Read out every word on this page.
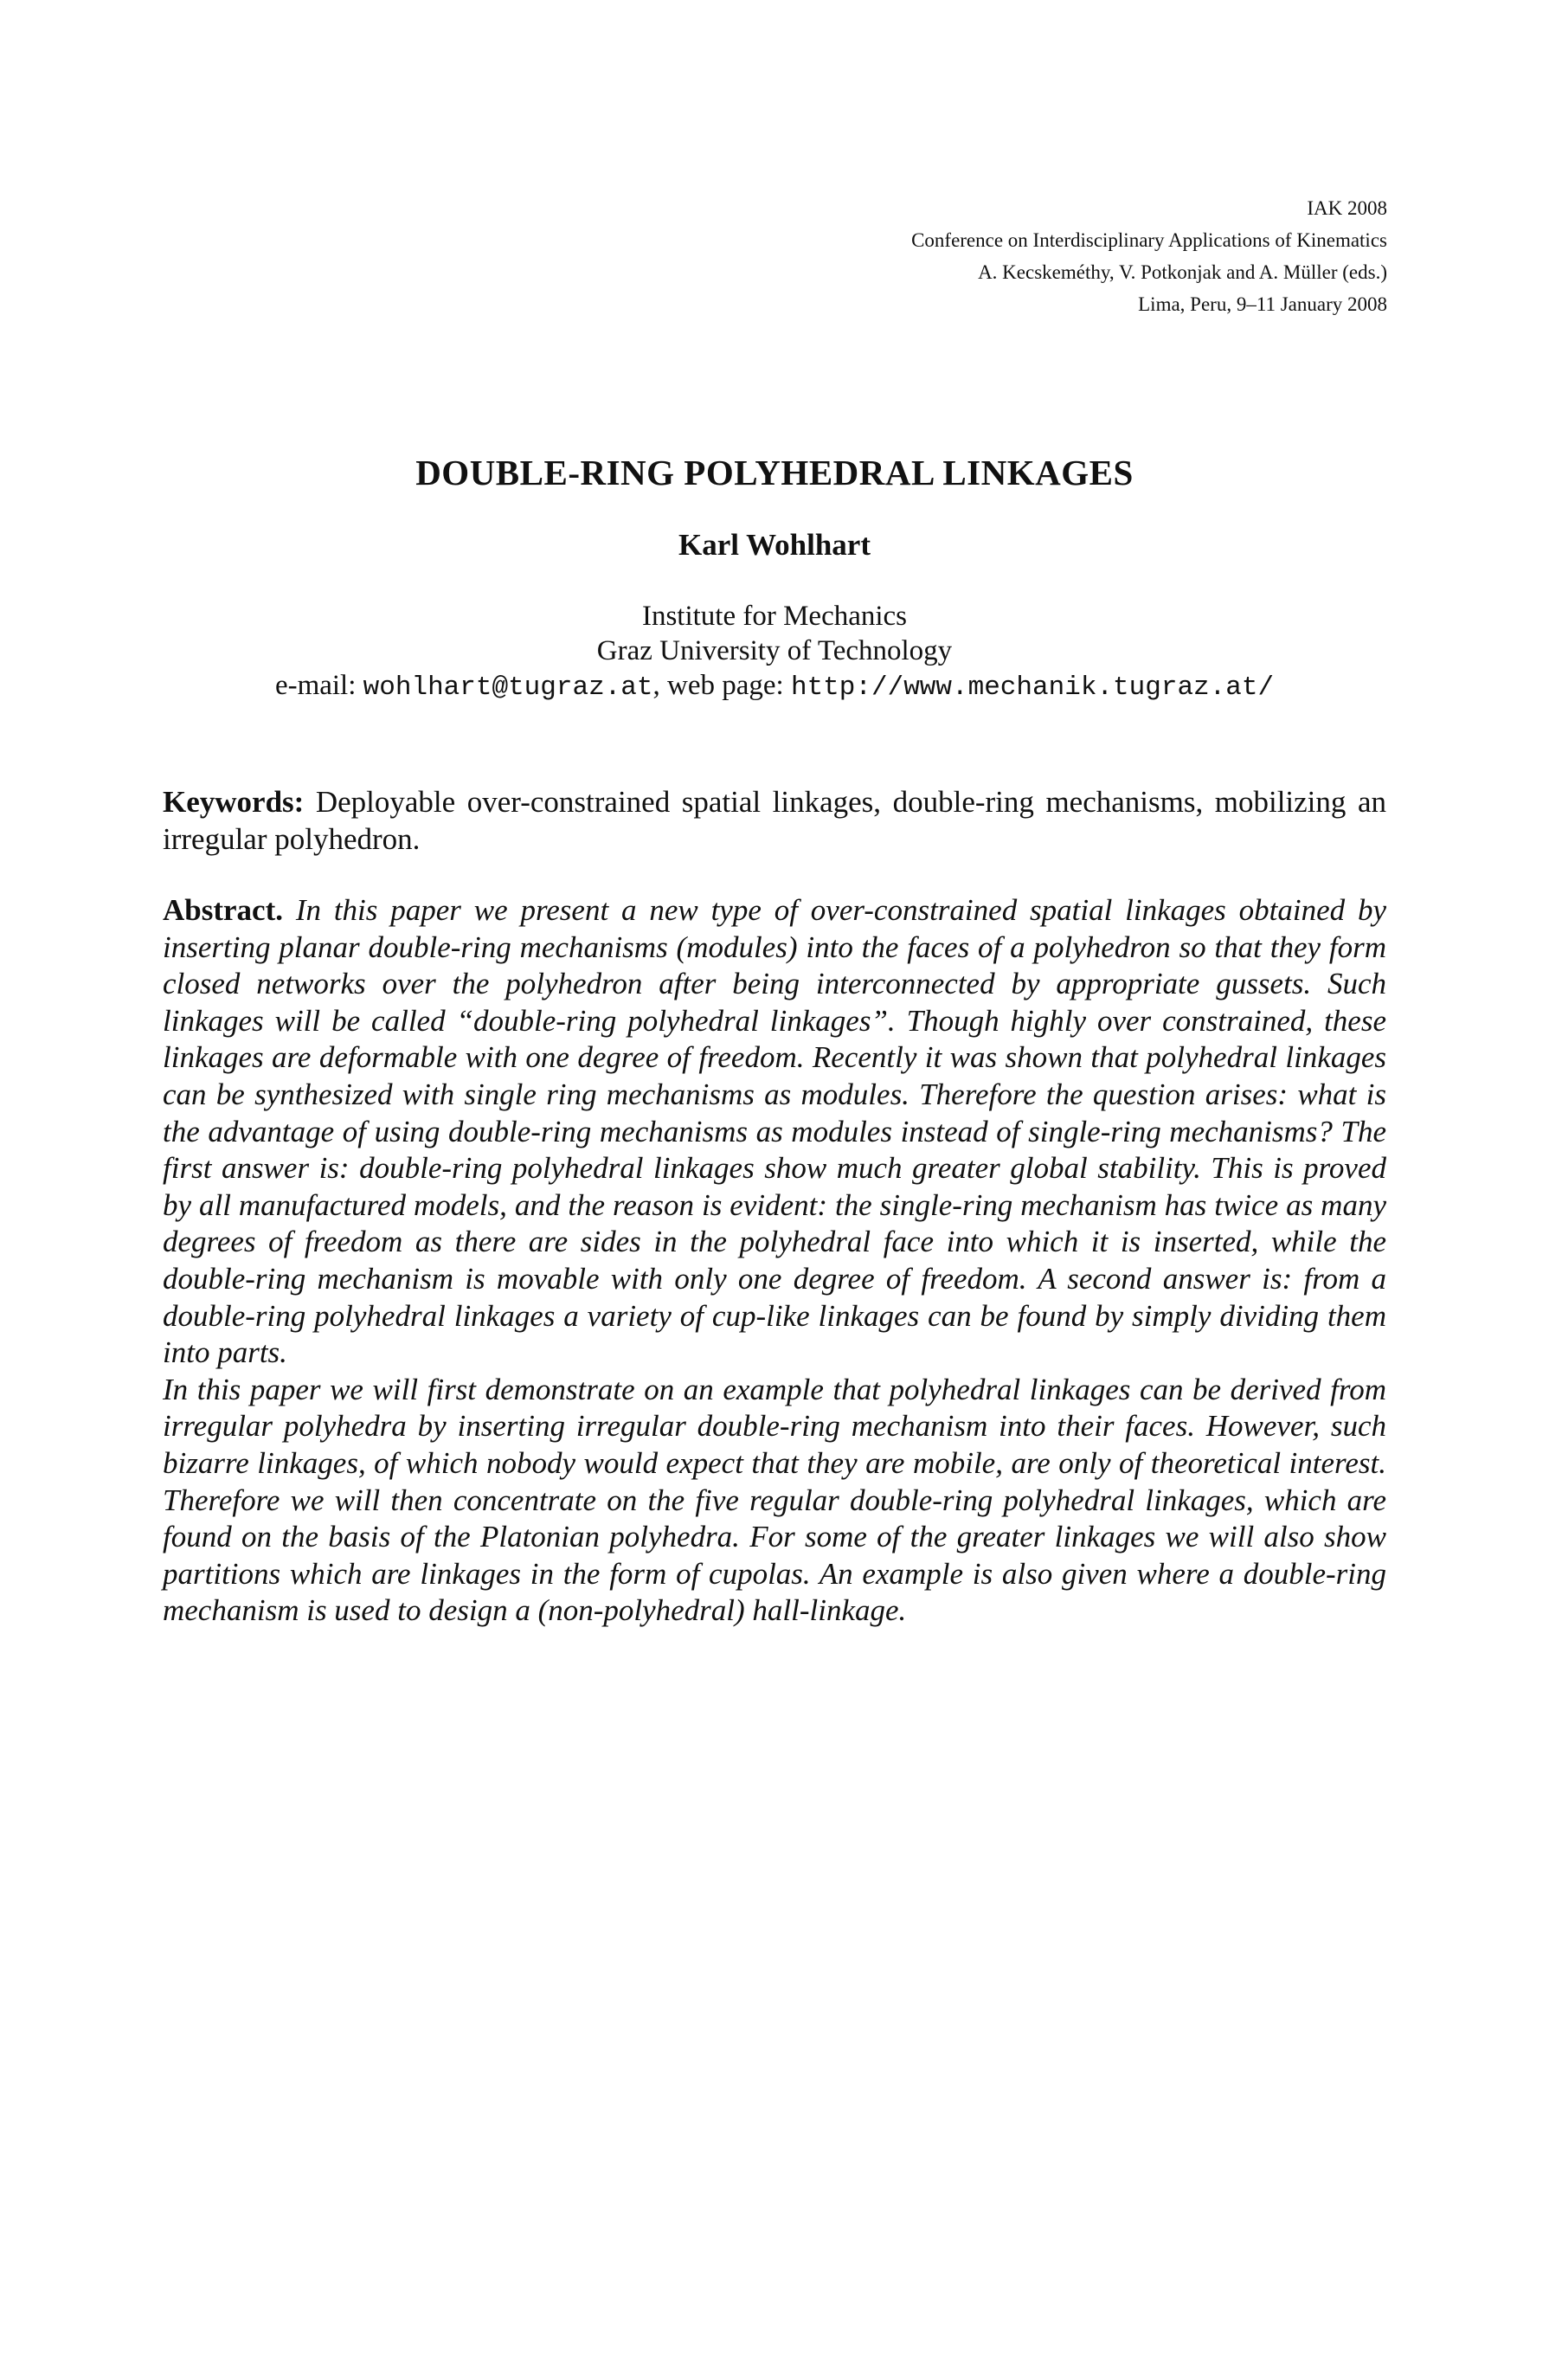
IAK 2008
Conference on Interdisciplinary Applications of Kinematics
A. Kecskeméthy, V. Potkonjak and A. Müller (eds.)
Lima, Peru, 9–11 January 2008
DOUBLE-RING POLYHEDRAL LINKAGES
Karl Wohlhart
Institute for Mechanics
Graz University of Technology
e-mail: wohlhart@tugraz.at, web page: http://www.mechanik.tugraz.at/
Keywords: Deployable over-constrained spatial linkages, double-ring mechanisms, mobilizing an irregular polyhedron.

Abstract. In this paper we present a new type of over-constrained spatial linkages obtained by inserting planar double-ring mechanisms (modules) into the faces of a polyhedron so that they form closed networks over the polyhedron after being interconnected by appropriate gussets. Such linkages will be called “double-ring polyhedral linkages”. Though highly over constrained, these linkages are deformable with one degree of freedom. Recently it was shown that polyhedral linkages can be synthesized with single ring mechanisms as modules. Therefore the question arises: what is the advantage of using double-ring mechanisms as modules instead of single-ring mechanisms? The first answer is: double-ring polyhedral linkages show much greater global stability. This is proved by all manufactured models, and the reason is evident: the single-ring mechanism has twice as many degrees of freedom as there are sides in the polyhedral face into which it is inserted, while the double-ring mechanism is movable with only one degree of freedom. A second answer is: from a double-ring polyhedral linkages a variety of cup-like linkages can be found by simply dividing them into parts.

In this paper we will first demonstrate on an example that polyhedral linkages can be derived from irregular polyhedra by inserting irregular double-ring mechanism into their faces. However, such bizarre linkages, of which nobody would expect that they are mobile, are only of theoretical interest. Therefore we will then concentrate on the five regular double-ring polyhedral linkages, which are found on the basis of the Platonian polyhedra. For some of the greater linkages we will also show partitions which are linkages in the form of cupolas. An example is also given where a double-ring mechanism is used to design a (non-polyhedral) hall-linkage.
